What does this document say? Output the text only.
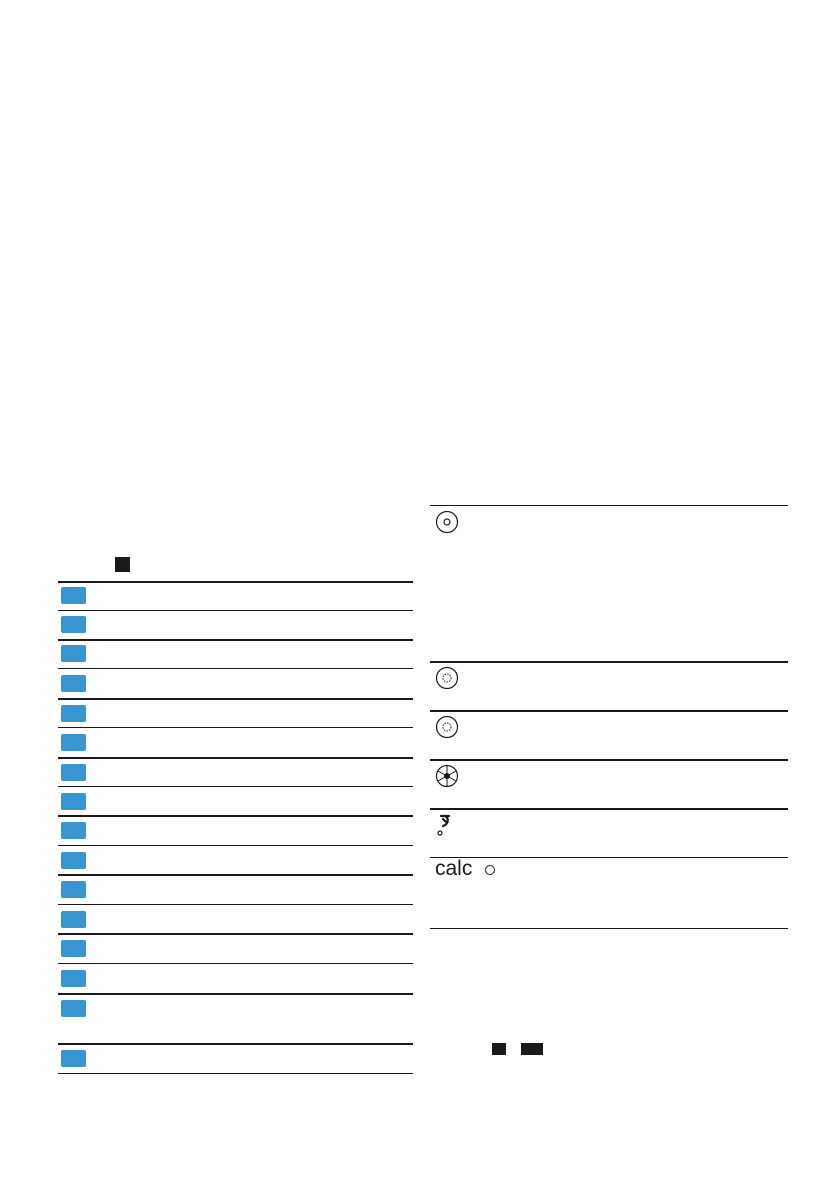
calc
